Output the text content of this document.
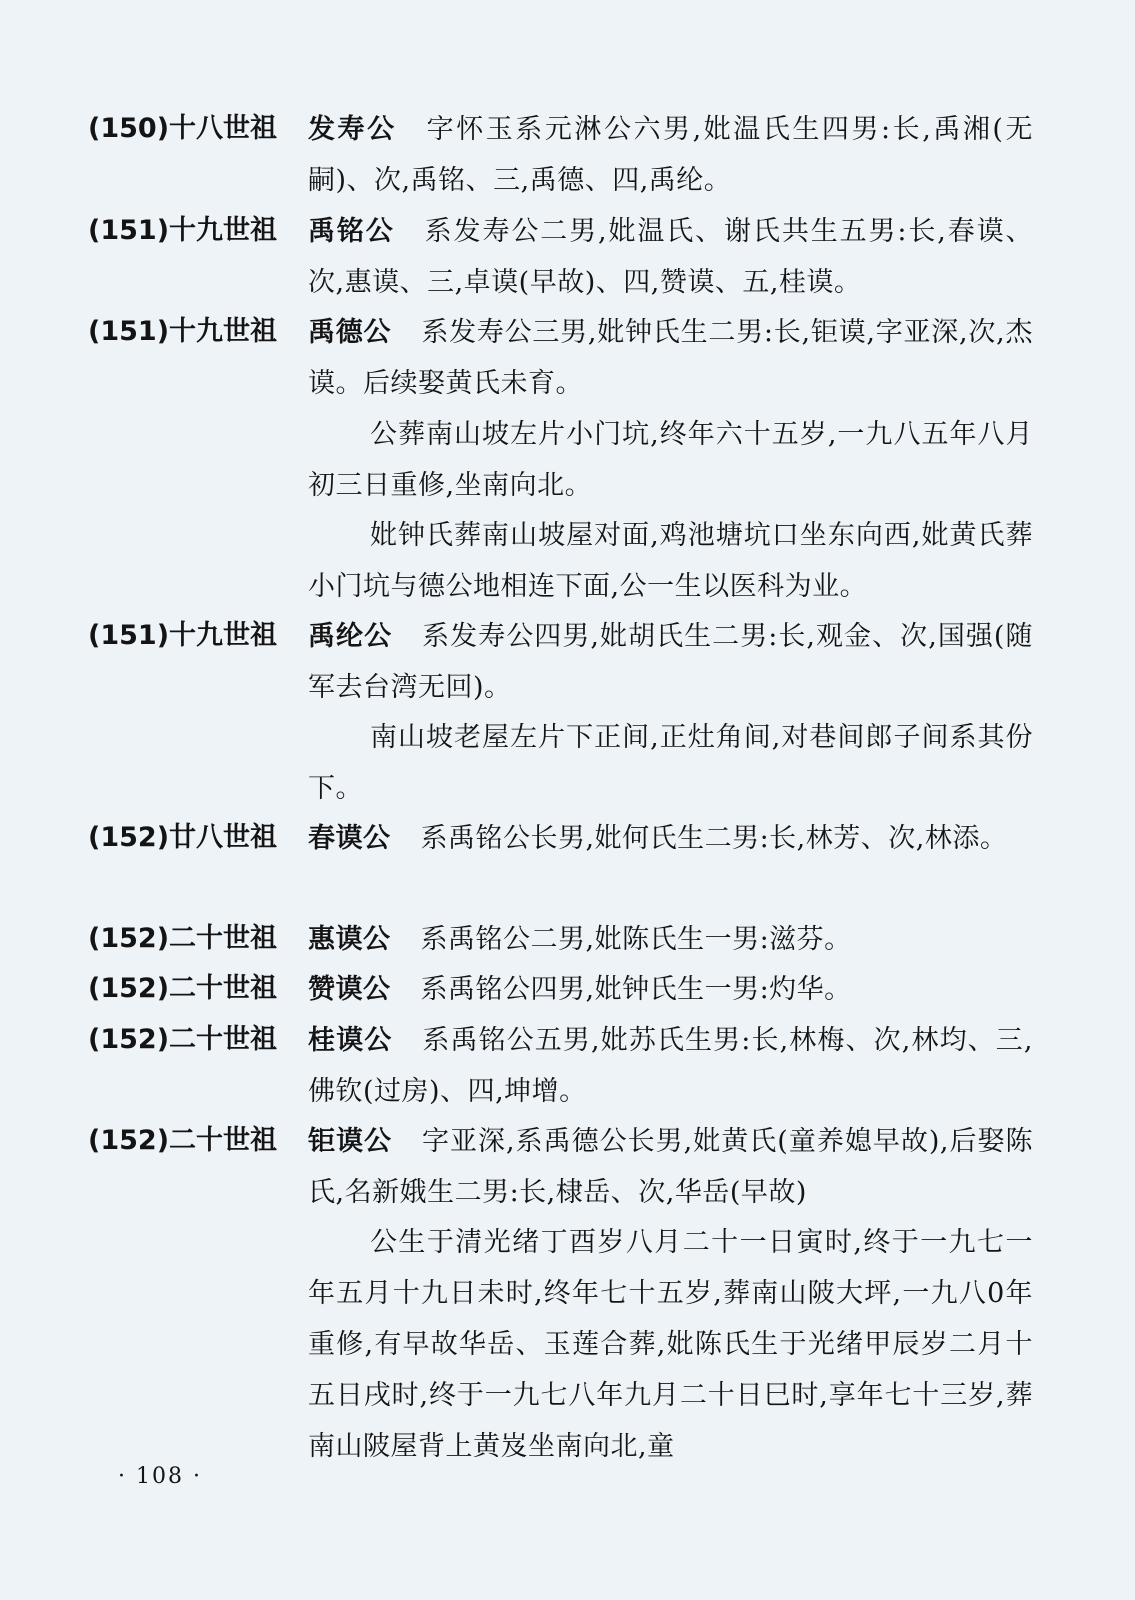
(150)十八世祖	发寿公 字怀玉系元淋公六男,妣温氏生四男:长,禹湘(无嗣)、次,禹铭、三,禹德、四,禹纶。
(151)十九世祖	禹铭公 系发寿公二男,妣温氏、谢氏共生五男:长,春谟、次,惠谟、三,卓谟(早故)、四,赞谟、五,桂谟。
(151)十九世祖	禹德公 系发寿公三男,妣钟氏生二男:长,钜谟,字亚深,次,杰谟。后续娶黄氏未育。
公葬南山坡左片小门坑,终年六十五岁,一九八五年八月初三日重修,坐南向北。
妣钟氏葬南山坡屋对面,鸡池塘坑口坐东向西,妣黄氏葬小门坑与德公地相连下面,公一生以医科为业。
(151)十九世祖	禹纶公 系发寿公四男,妣胡氏生二男:长,观金、次,国强(随军去台湾无回)。
南山坡老屋左片下正间,正灶角间,对巷间郎子间系其份下。
(152)廿八世祖	春谟公 系禹铭公长男,妣何氏生二男:长,林芳、次,林添。
(152)二十世祖	惠谟公 系禹铭公二男,妣陈氏生一男:滋芬。
(152)二十世祖	赞谟公 系禹铭公四男,妣钟氏生一男:灼华。
(152)二十世祖	桂谟公 系禹铭公五男,妣苏氏生男:长,林梅、次,林均、三,佛钦(过房)、四,坤增。
(152)二十世祖	钜谟公 字亚深,系禹德公长男,妣黄氏(童养媳早故),后娶陈氏,名新娥生二男:长,棣岳、次,华岳(早故)
公生于清光绪丁酉岁八月二十一日寅时,终于一九七一年五月十九日未时,终年七十五岁,葬南山陂大坪,一九八0年重修,有早故华岳、玉莲合葬,妣陈氏生于光绪甲辰岁二月十五日戌时,终于一九七八年九月二十日巳时,享年七十三岁,葬南山陂屋背上黄岌坐南向北,童
· 108 ·
